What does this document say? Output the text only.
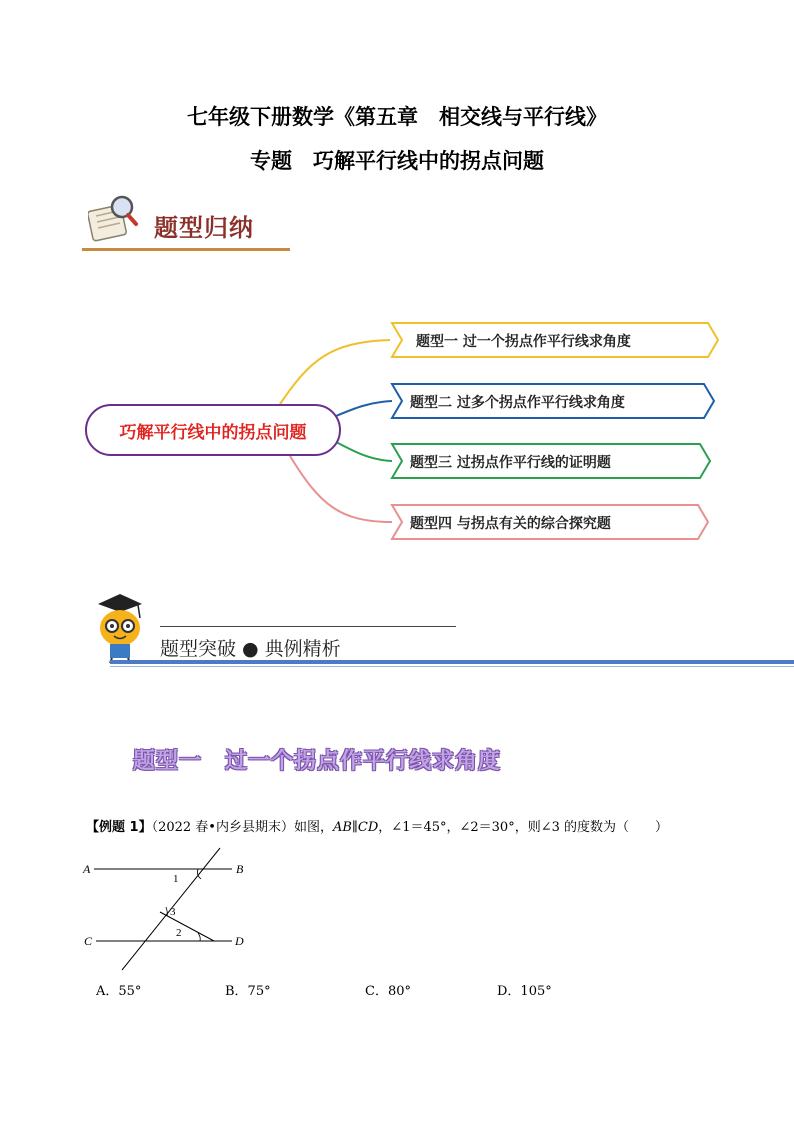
七年级下册数学《第五章　相交线与平行线》
专题　巧解平行线中的拐点问题
题型归纳
巧解平行线中的拐点问题
题型一 过一个拐点作平行线求角度
题型二 过多个拐点作平行线求角度
题型三 过拐点作平行线的证明题
题型四 与拐点有关的综合探究题
题型突破 ● 典例精析
题型一　过一个拐点作平行线求角度
【例题 1】（2022 春•内乡县期末）如图，AB∥CD，∠1＝45°，∠2＝30°，则∠3 的度数为（　　）
A	B
C	D
1
3
2
A．55°	B．75°	C．80°	D．105°
